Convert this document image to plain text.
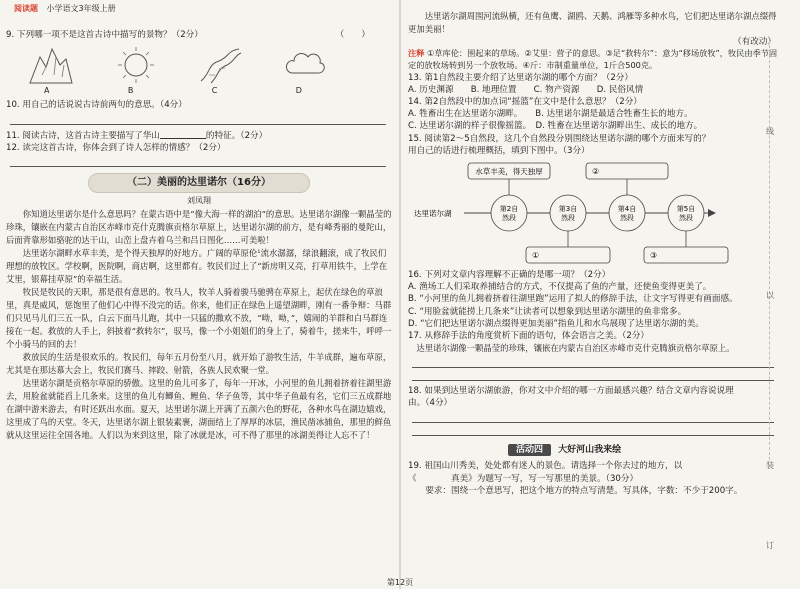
阅读题 小学语文3年级上册
9. 下列哪一项不是这首古诗中描写的景物？（2分）	（　　）
A	B	C	D
10. 用自己的话说说古诗前两句的意思。（4分）
11. 阅读古诗，这首古诗主要描写了华山	的特征。（2分）
12. 读完这首古诗，你体会到了诗人怎样的情感？（2分）
（二）美丽的达里诺尔（16分）
刘凤翔

你知道达里诺尔是什么意思吗？在蒙古语中是“像大海一样的湖泊”的意思。达里诺尔湖像一颗晶莹的珍珠，镶嵌在内蒙古自治区赤峰市克什克腾旗贡格尔草原上，达里诺尔湖的前方，是有峰秀丽的曼陀山，后面背靠形如骆驼的达干山，山峦上盘卉着乌兰和吕日图化……可美啦！

达里诺尔湖畔水草丰美，是个得天独厚的好地方。广阔的草原伦¹流水潺潺，绿浪翻滚，成了牧民们理想的放牧区。学校啊，医院啊，商店啊，这里都有。牧民们过上了“新房明又亮，打草用铁牛，上学在艾里，银幕挂草原”的幸福生活。

牧民是牧民的天职，那是很有意思的。牧马人，牧羊人骑着骏马驰骋在草原上，起伏在绿色的草浪里，真是威风，惩饱里了他们心中得不没完的话。你来，他们正在绿色上遥望湖畔，刚有一番争辩：马群们只见马儿们三五一队，白云下面马儿跑，其中一只猛的撒欢不放，“呦，呦，”，嬉闹的羊群和白马群连接在一起。救放的人手上，斜披着“救转尔”，驭马，像一个小姐姐们的身上了，骑着牛，搓来牛，呼呼一个小骑马的回的去！

救放民的生活是很欢乐的。牧民们，每年五月份至八月，就开始了游牧生活，牛羊成群，遍布草原，尤其是在那达慕大会上，牧民们赛马、摔跤、射箭，各族人民欢聚一堂。

达里诺尔湖是贡格尔草原的骄傲。这里的鱼儿可多了，每年一开冰，小河里的鱼儿拥着挤着往湖里游去，用脸盆就能舀上几条来。这里的鱼儿有鲫鱼、鲤鱼、华子鱼等，其中华子鱼最有名，它们三五成群地在湖中游来游去，有时还跃出水面。夏天，达里诺尔湖上开满了五颜六色的野花，各种水鸟在湖边嬉戏，这里成了鸟的天堂。冬天，达里诺尔湖上银装素裹，湖面结上了厚厚的冰层，渔民凿冰捕鱼，那里的鲜鱼就从这里运往全国各地。人们以为来到这里，除了冰就是冰，可不得了那里的冰湖美得让人忘不了！

达里诺尔湖周围河流纵横，还有鱼鹰、湖鸥、天鹅、鸿雁等多种水鸟，它们把达里诺尔湖点缀得更加美丽！

（有改动）
注释 ①草库伦：围起来的草场。②艾里：营子的意思。③足“救转尔”：意为“移场放牧”，牧民由季节固定的放牧场转到另一个放牧场。④斤：市制重量单位，1斤合500克。
13. 第1自然段主要介绍了达里诺尔湖的哪个方面？（2分）
A. 历史渊源　　B. 地理位置　　C. 物产资源　　D. 民俗风情
14. 第2自然段中的加点词“摇篮”在文中是什么意思？（2分）
A. 牲畜出生在达里诺尔湖畔。　　B. 达里诺尔湖是最适合牲畜生长的地方。
C. 达里诺尔湖的样子很像摇篮。　D. 牲畜在达里诺尔湖畔出生、成长的地方。
15. 阅读第2～5自然段，这几个自然段分别围绕达里诺尔湖的哪个方面来写的？
用自己的话进行梳理概括，填到下图中。（3分）
水草丰美，得天独厚
达里诺尔湖	第2自然段
第3自然段
第4自然段
第5自然段
①	③
②
16. 下列对文章内容理解不正确的是哪一项？（2分）
A. 渔场工人们采取养捕结合的方式，不仅提高了鱼的产量，还使鱼变得更美了。
B. “小河里的鱼儿拥着挤着往湖里跑”运用了拟人的修辞手法，让文字写得更有画面感。
C. “用脸盆就能捞上几条来”让读者可以想象到达里诺尔湖里的鱼非常多。
D. “它们把达里诺尔湖点缀得更加美丽”指鱼儿和水鸟展现了达里诺尔湖的美。
17. 从修辞手法的角度赏析下面的语句，体会语言之美。（2分）
达里诺尔湖像一颗晶莹的珍珠，镶嵌在内蒙古自治区赤峰市克什克腾旗贡格尔草原上。
18. 如果到达里诺尔湖旅游，你对文中介绍的哪一方面最感兴趣？结合文章内容说说理
由。（4分）
活动四 大好河山我来绘
19. 祖国山川秀美，处处都有迷人的景色。请选择一个你去过的地方，以
《　　　　真美》为题写一写，写一写那里的美景。（30分）
要求：围绕一个意思写，把这个地方的特点写清楚。写具体，字数：不少于200字。
线
以
装
订
第12页
